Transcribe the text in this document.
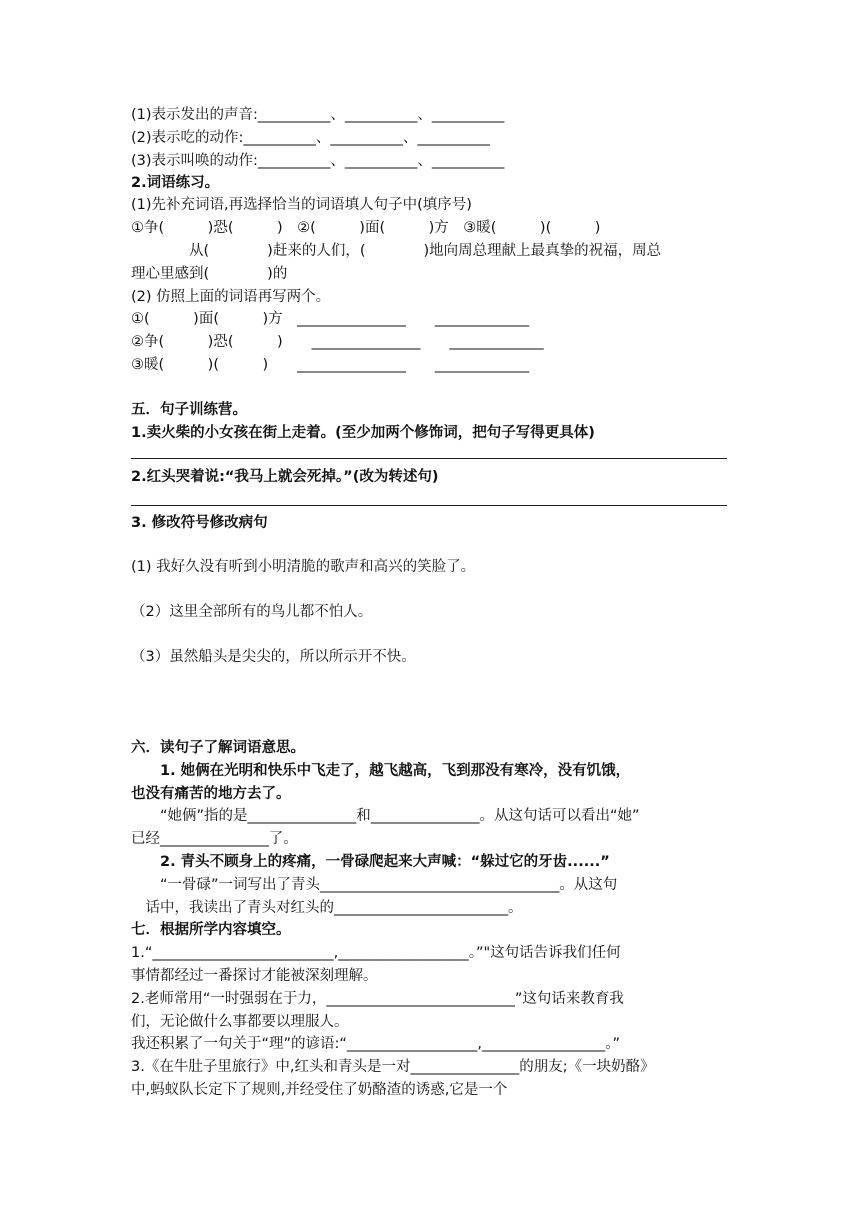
(1)表示发出的声音:__________、__________、__________
(2)表示吃的动作:__________、__________、__________
(3)表示叫唤的动作:__________、__________、__________
2.词语练习。
(1)先补充词语,再选择恰当的词语填人句子中(填序号)
①争(　　　)恐(　　　)　②(　　　)面(　　　)方　③暖(　　　)(　　　)
　　　　从(　　　　)赶来的人们，(　　　　)地向周总理献上最真挚的祝福，周总
理心里感到(　　　　)的
(2) 仿照上面的词语再写两个。
①(　　　)面(　　　)方　_______________　　_____________
②争(　　　)恐(　　　)　　_______________　　_____________
③暖(　　　)(　　　)　　_______________　　_____________
五．句子训练营。
1.卖火柴的小女孩在街上走着。(至少加两个修饰词，把句子写得更具体)
2.红头哭着说:“我马上就会死掉。”(改为转述句)
3. 修改符号修改病句
(1) 我好久没有听到小明清脆的歌声和高兴的笑脸了。
（2）这里全部所有的鸟儿都不怕人。
（3）虽然船头是尖尖的，所以所示开不快。
六．读句子了解词语意思。
　　1. 她俩在光明和快乐中飞走了，越飞越高，飞到那没有寒冷，没有饥饿，
也没有痛苦的地方去了。
　　“她俩”指的是_______________和_______________。从这句话可以看出“她”
已经_______________了。
　　2. 青头不顾身上的疼痛，一骨碌爬起来大声喊：“躲过它的牙齿......”
　　“一骨碌”一词写出了青头_________________________________。从这句
　话中，我读出了青头对红头的________________________。
七．根据所学内容填空。
1.“_________________________,__________________。”"这句话告诉我们任何
事情都经过一番探讨才能被深刻理解。
2.老师常用“一时强弱在于力，__________________________”这句话来教育我
们，无论做什么事都要以理服人。
我还积累了一句关于“理”的谚语:“__________________,_________________。”
3.《在牛肚子里旅行》中,红头和青头是一对_______________的朋友;《一块奶酪》
中,蚂蚁队长定下了规则,并经受住了奶酪渣的诱惑,它是一个
